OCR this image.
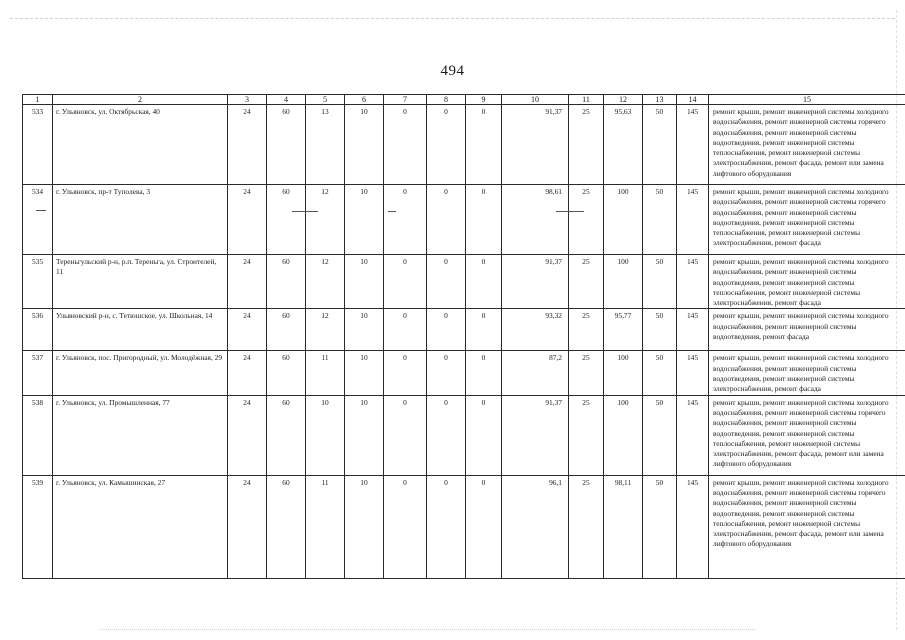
494
1	2	3	4	5	6	7	8	9	10	11	12	13	14	15
533	г. Ульяновск, ул. Октябрьская, 40	24	60	13	10	0	0	0	91,37	25	95,63	50	145	ремонт крыши, ремонт инженерной системы холодного водоснабжения, ремонт инженерной системы горячего водоснабжения, ремонт инженерной системы водоотведения, ремонт инженерной системы теплоснабжения, ремонт инженерной системы электроснабжения, ремонт фасада, ремонт или замена лифтового оборудования
534	г. Ульяновск, пр-т Туполева, 3	24	60	12	10	0	0	0	98,61	25	100	50	145	ремонт крыши, ремонт инженерной системы холодного водоснабжения, ремонт инженерной системы горячего водоснабжения, ремонт инженерной системы водоотведения, ремонт инженерной системы теплоснабжения, ремонт инженерной системы электроснабжения, ремонт фасада
535	Тереньгульский р-н, р.п. Тереньга, ул. Строителей, 11	24	60	12	10	0	0	0	91,37	25	100	50	145	ремонт крыши, ремонт инженерной системы холодного водоснабжения, ремонт инженерной системы водоотведения, ремонт инженерной системы теплоснабжения, ремонт инженерной системы электроснабжения, ремонт фасада
536	Ульяновский р-н, с. Тетюшское, ул. Школьная, 14	24	60	12	10	0	0	0	93,32	25	95,77	50	145	ремонт крыши, ремонт инженерной системы холодного водоснабжения, ремонт инженерной системы водоотведения, ремонт фасада
537	г. Ульяновск, пос. Пригородный, ул. Молодёжная, 29	24	60	11	10	0	0	0	87,2	25	100	50	145	ремонт крыши, ремонт инженерной системы холодного водоснабжения, ремонт инженерной системы водоотведения, ремонт инженерной системы электроснабжения, ремонт фасада
538	г. Ульяновск, ул. Промышленная, 77	24	60	10	10	0	0	0	91,37	25	100	50	145	ремонт крыши, ремонт инженерной системы холодного водоснабжения, ремонт инженерной системы горячего водоснабжения, ремонт инженерной системы водоотведения, ремонт инженерной системы теплоснабжения, ремонт инженерной системы электроснабжения, ремонт фасада, ремонт или замена лифтового оборудования
539	г. Ульяновск, ул. Камышинская, 27	24	60	11	10	0	0	0	96,1	25	98,11	50	145	ремонт крыши, ремонт инженерной системы холодного водоснабжения, ремонт инженерной системы горячего водоснабжения, ремонт инженерной системы водоотведения, ремонт инженерной системы теплоснабжения, ремонт инженерной системы электроснабжения, ремонт фасада, ремонт или замена лифтового оборудования
